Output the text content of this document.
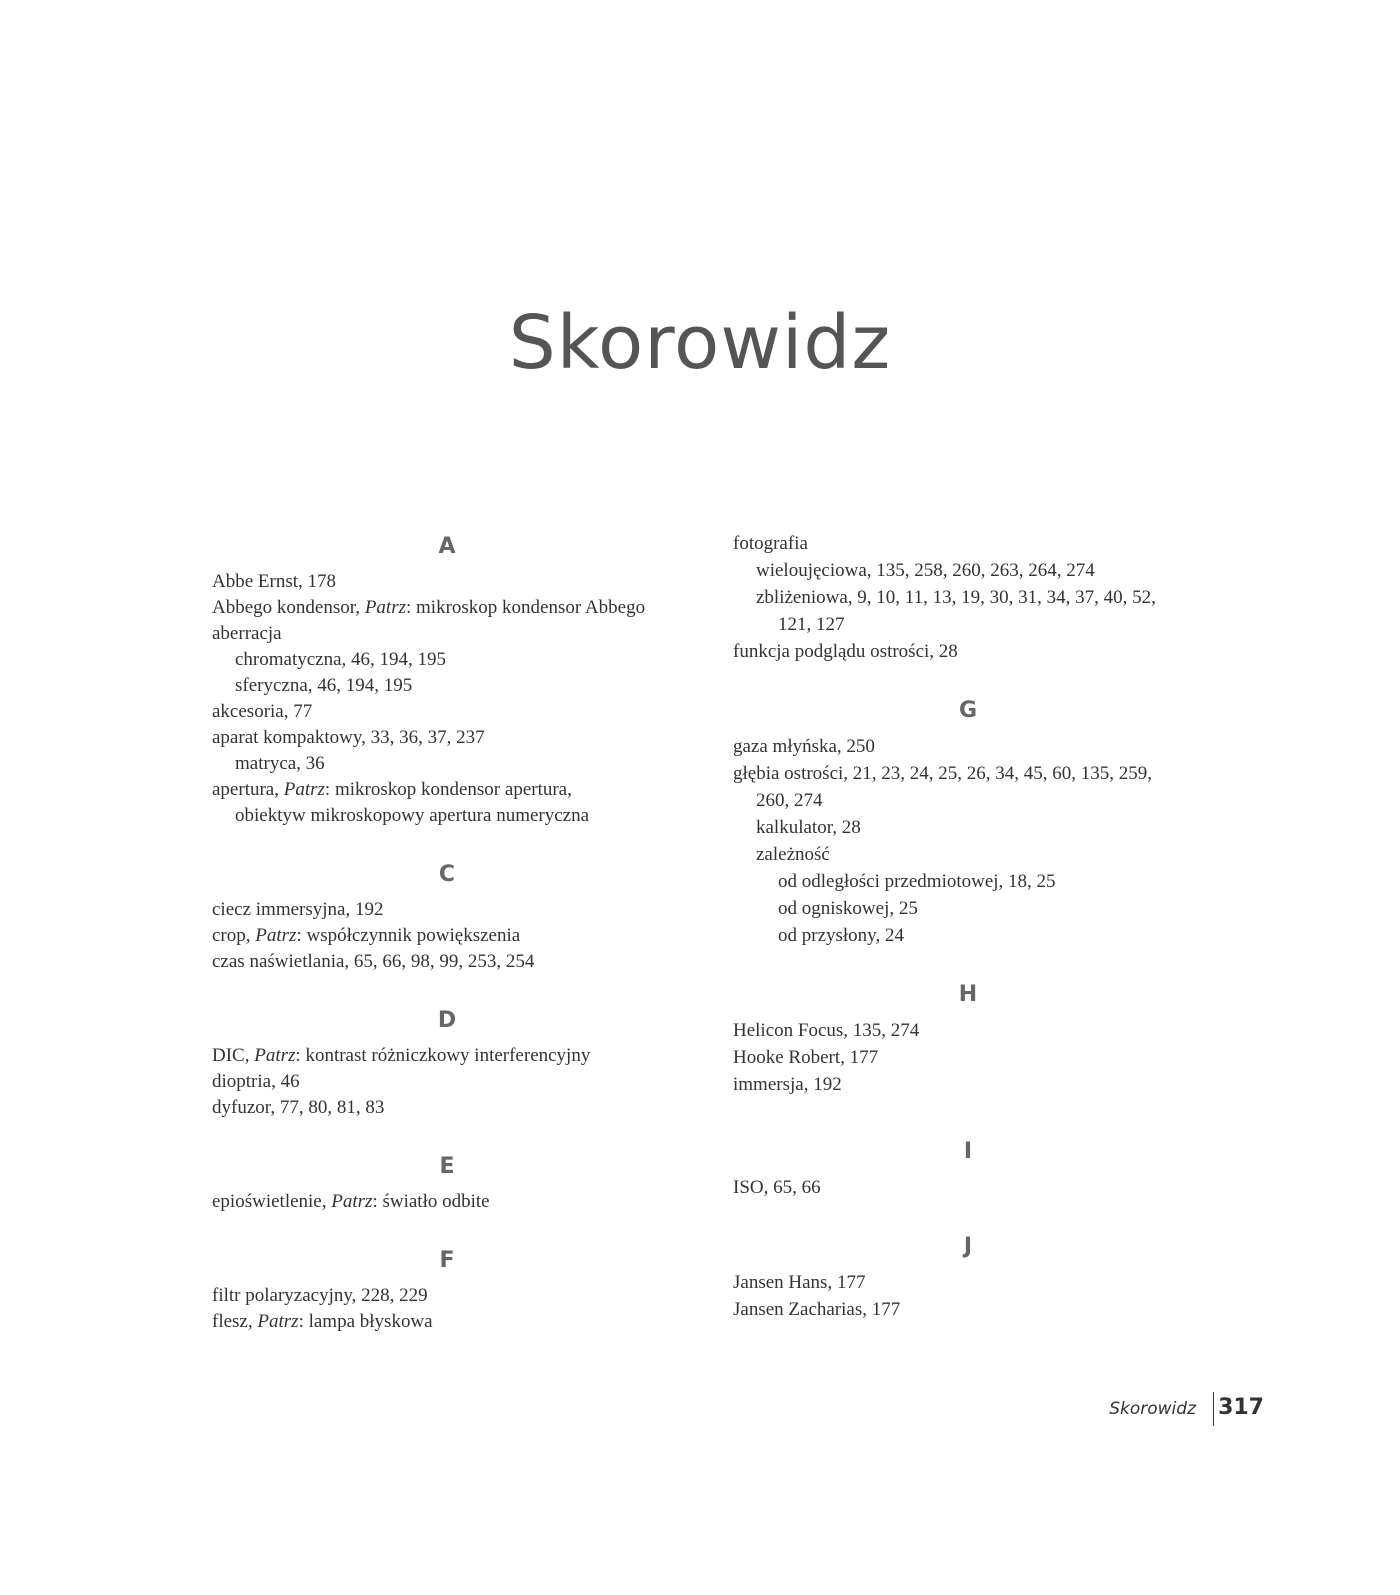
Skorowidz

A

Abbe Ernst, 178

Abbego kondensor, Patrz: mikroskop kondensor Abbego

aberracja

chromatyczna, 46, 194, 195

sferyczna, 46, 194, 195

akcesoria, 77

aparat kompaktowy, 33, 36, 37, 237

matryca, 36

apertura, Patrz: mikroskop kondensor apertura,

obiektyw mikroskopowy apertura numeryczna

C

ciecz immersyjna, 192

crop, Patrz: współczynnik powiększenia

czas naświetlania, 65, 66, 98, 99, 253, 254

D

DIC, Patrz: kontrast różniczkowy interferencyjny

dioptria, 46

dyfuzor, 77, 80, 81, 83

E

epioświetlenie, Patrz: światło odbite

F

filtr polaryzacyjny, 228, 229

flesz, Patrz: lampa błyskowa

fotografia

wieloujęciowa, 135, 258, 260, 263, 264, 274

zbliżeniowa, 9, 10, 11, 13, 19, 30, 31, 34, 37, 40, 52,

121, 127

funkcja podglądu ostrości, 28

G

gaza młyńska, 250

głębia ostrości, 21, 23, 24, 25, 26, 34, 45, 60, 135, 259,

260, 274

kalkulator, 28

zależność

od odległości przedmiotowej, 18, 25

od ogniskowej, 25

od przysłony, 24

H

Helicon Focus, 135, 274

Hooke Robert, 177

immersja, 192

I

ISO, 65, 66

J

Jansen Hans, 177

Jansen Zacharias, 177

Skorowidz 317
